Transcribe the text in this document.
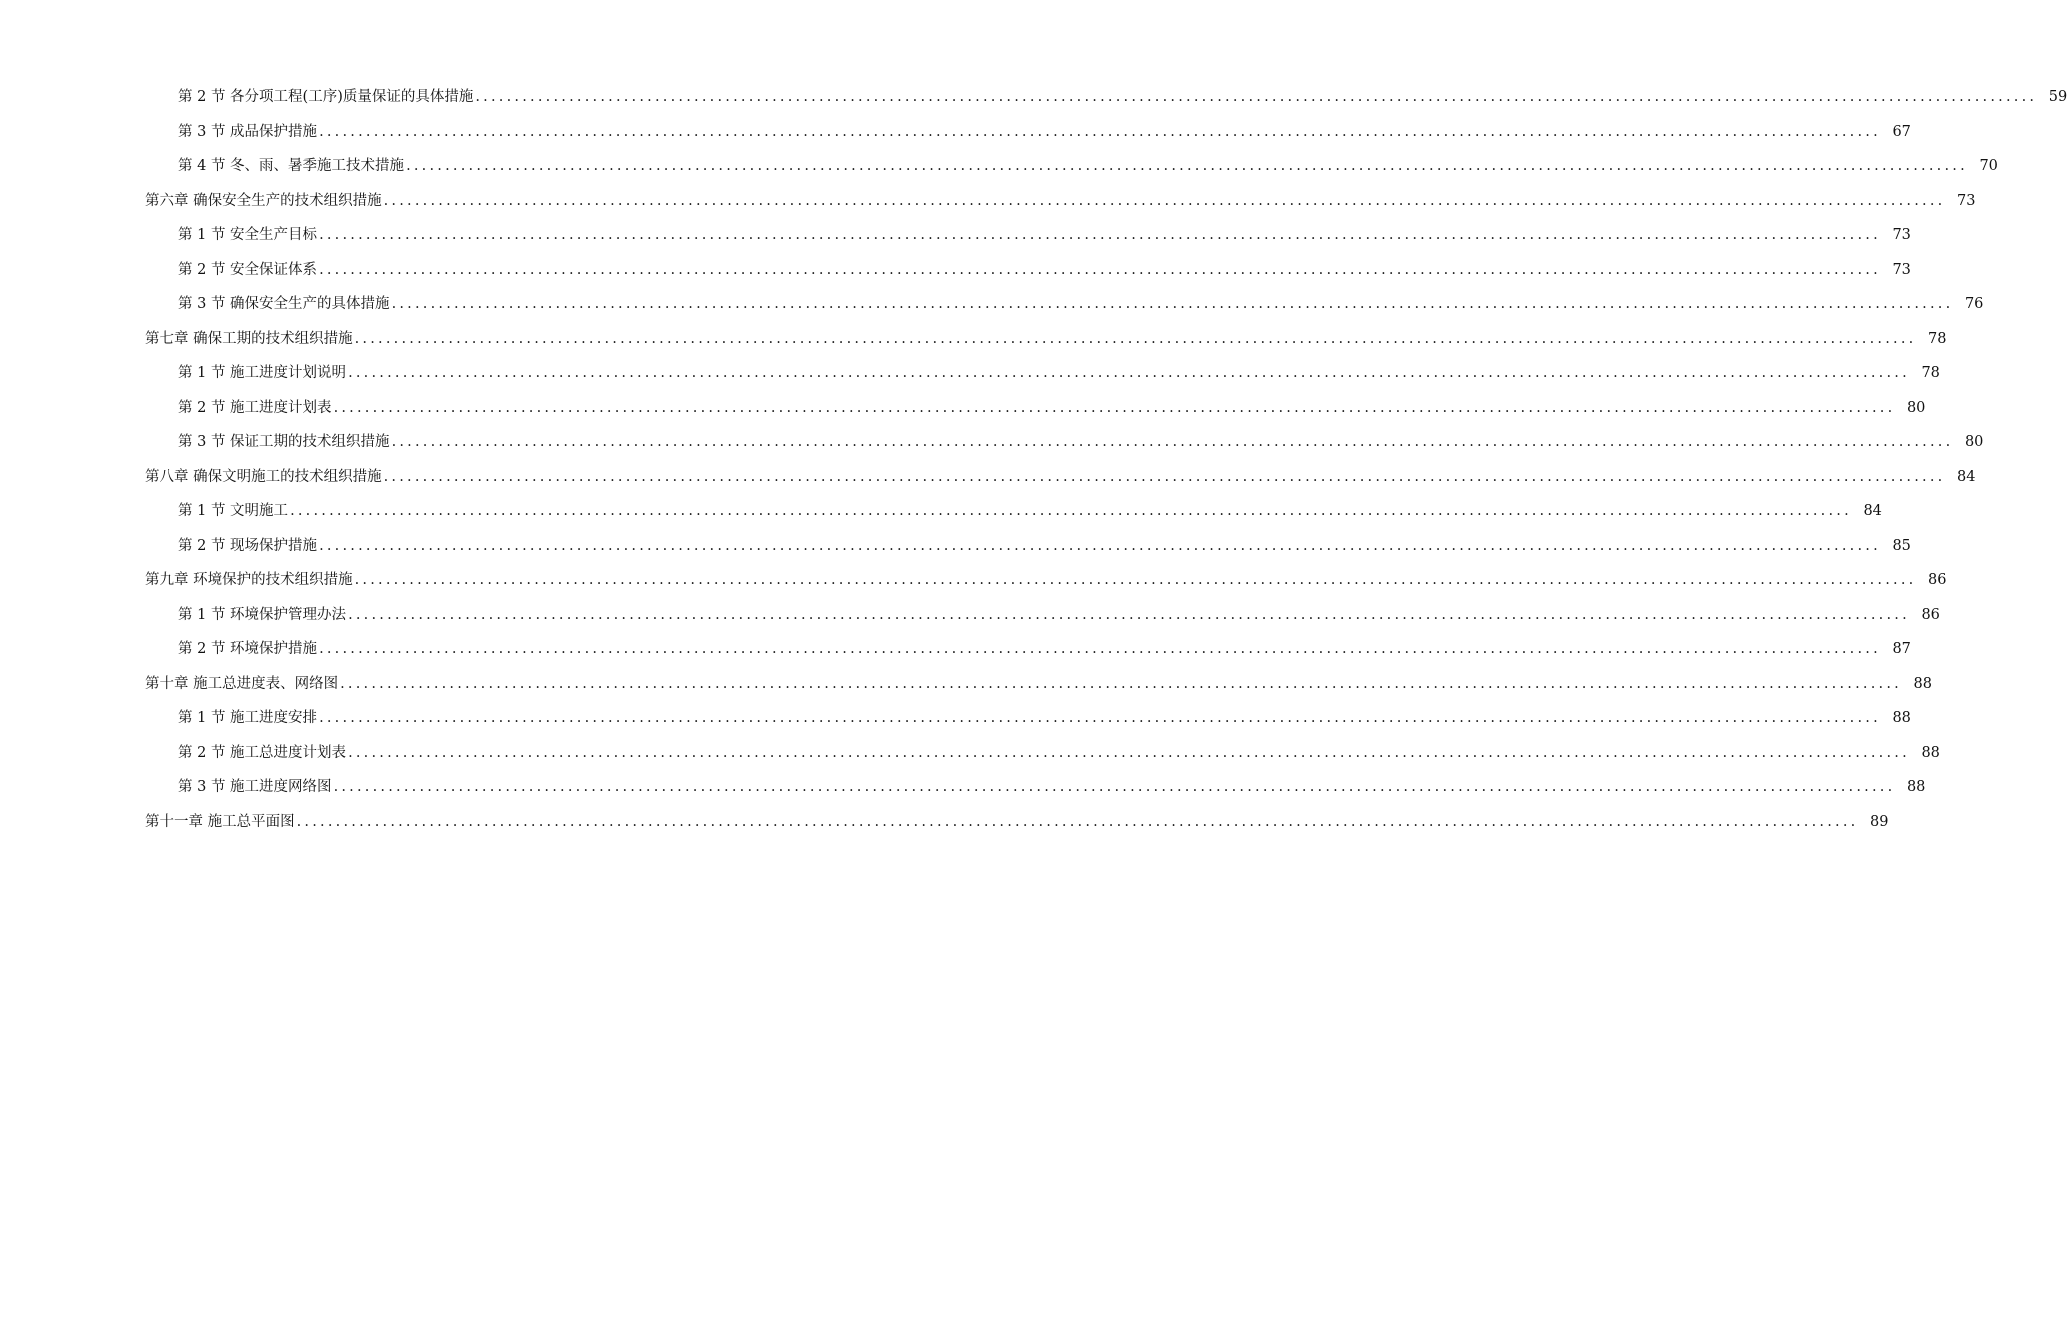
第 2 节 各分项工程(工序)质量保证的具体措施 ........................................................................................................................................................................................................ 59
第 3 节 成品保护措施 ........................................................................................................................................................................................................ 67
第 4 节 冬、雨、暑季施工技术措施 ........................................................................................................................................................................................................ 70
第六章 确保安全生产的技术组织措施 ........................................................................................................................................................................................................ 73
第 1 节 安全生产目标 ........................................................................................................................................................................................................ 73
第 2 节 安全保证体系 ........................................................................................................................................................................................................ 73
第 3 节 确保安全生产的具体措施 ........................................................................................................................................................................................................ 76
第七章 确保工期的技术组织措施 ........................................................................................................................................................................................................ 78
第 1 节 施工进度计划说明 ........................................................................................................................................................................................................ 78
第 2 节 施工进度计划表 ........................................................................................................................................................................................................ 80
第 3 节 保证工期的技术组织措施 ........................................................................................................................................................................................................ 80
第八章 确保文明施工的技术组织措施 ........................................................................................................................................................................................................ 84
第 1 节 文明施工 ........................................................................................................................................................................................................ 84
第 2 节 现场保护措施 ........................................................................................................................................................................................................ 85
第九章 环境保护的技术组织措施 ........................................................................................................................................................................................................ 86
第 1 节 环境保护管理办法 ........................................................................................................................................................................................................ 86
第 2 节 环境保护措施 ........................................................................................................................................................................................................ 87
第十章 施工总进度表、网络图 ........................................................................................................................................................................................................ 88
第 1 节 施工进度安排 ........................................................................................................................................................................................................ 88
第 2 节 施工总进度计划表 ........................................................................................................................................................................................................ 88
第 3 节 施工进度网络图 ........................................................................................................................................................................................................ 88
第十一章 施工总平面图 ........................................................................................................................................................................................................ 89
